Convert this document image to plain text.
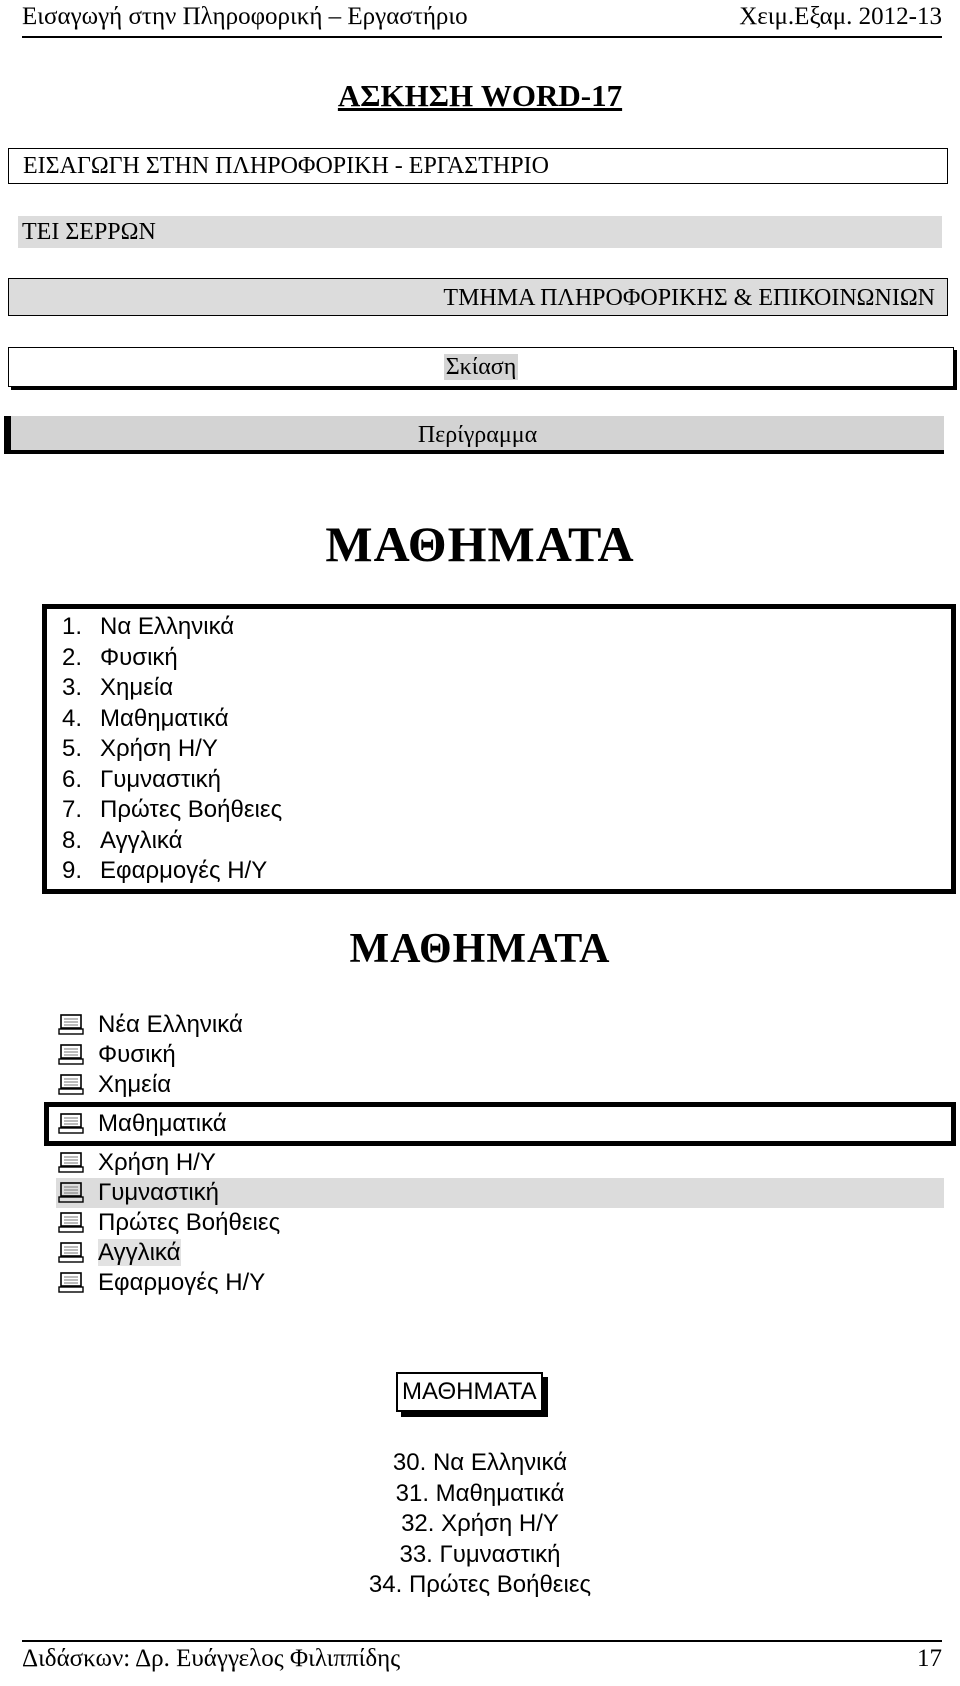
Εισαγωγή στην Πληροφορική – Εργαστήριο	Χειμ.Εξαμ. 2012-13
ΑΣΚΗΣΗ WORD-17
ΕΙΣΑΓΩΓΗ ΣΤΗΝ ΠΛΗΡΟΦΟΡΙΚΗ - ΕΡΓΑΣΤΗΡΙΟ
ΤΕΙ ΣΕΡΡΩΝ
ΤΜΗΜΑ ΠΛΗΡΟΦΟΡΙΚΗΣ & ΕΠΙΚΟΙΝΩΝΙΩΝ
Σκίαση
Περίγραμμα
ΜΑΘΗΜΑΤΑ
1. Να Ελληνικά
2. Φυσική
3. Χημεία
4. Μαθηματικά
5. Χρήση Η/Υ
6. Γυμναστική
7. Πρώτες Βοήθειες
8. Αγγλικά
9. Εφαρμογές Η/Υ
ΜΑΘΗΜΑΤΑ
Νέα Ελληνικά
Φυσική
Χημεία
Μαθηματικά
Χρήση Η/Υ
Γυμναστική
Πρώτες Βοήθειες
Αγγλικά
Εφαρμογές Η/Υ
ΜΑΘΗΜΑΤΑ
30. Να Ελληνικά
31. Μαθηματικά
32. Χρήση Η/Υ
33. Γυμναστική
34. Πρώτες Βοήθειες
Διδάσκων: Δρ. Ευάγγελος Φιλιππίδης	17
